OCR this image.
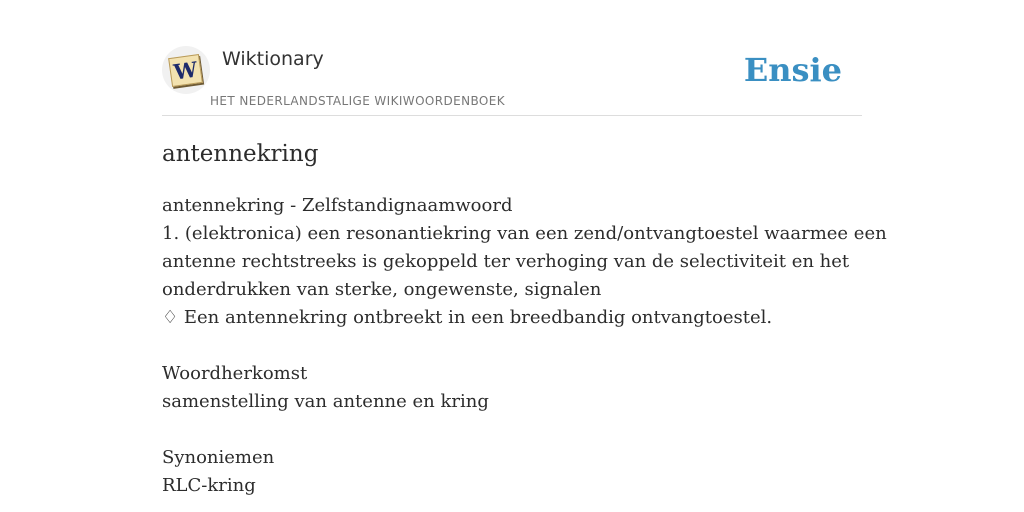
W Wiktionary
HET NEDERLANDSTALIGE WIKIWOORDENBOEK
Ensie
antennekring
antennekring - Zelfstandignaamwoord
1. (elektronica) een resonantiekring van een zend/ontvangtoestel waarmee een
antenne rechtstreeks is gekoppeld ter verhoging van de selectiviteit en het
onderdrukken van sterke, ongewenste, signalen
♢ Een antennekring ontbreekt in een breedbandig ontvangtoestel.
Woordherkomst
samenstelling van antenne en kring
Synoniemen
RLC-kring
